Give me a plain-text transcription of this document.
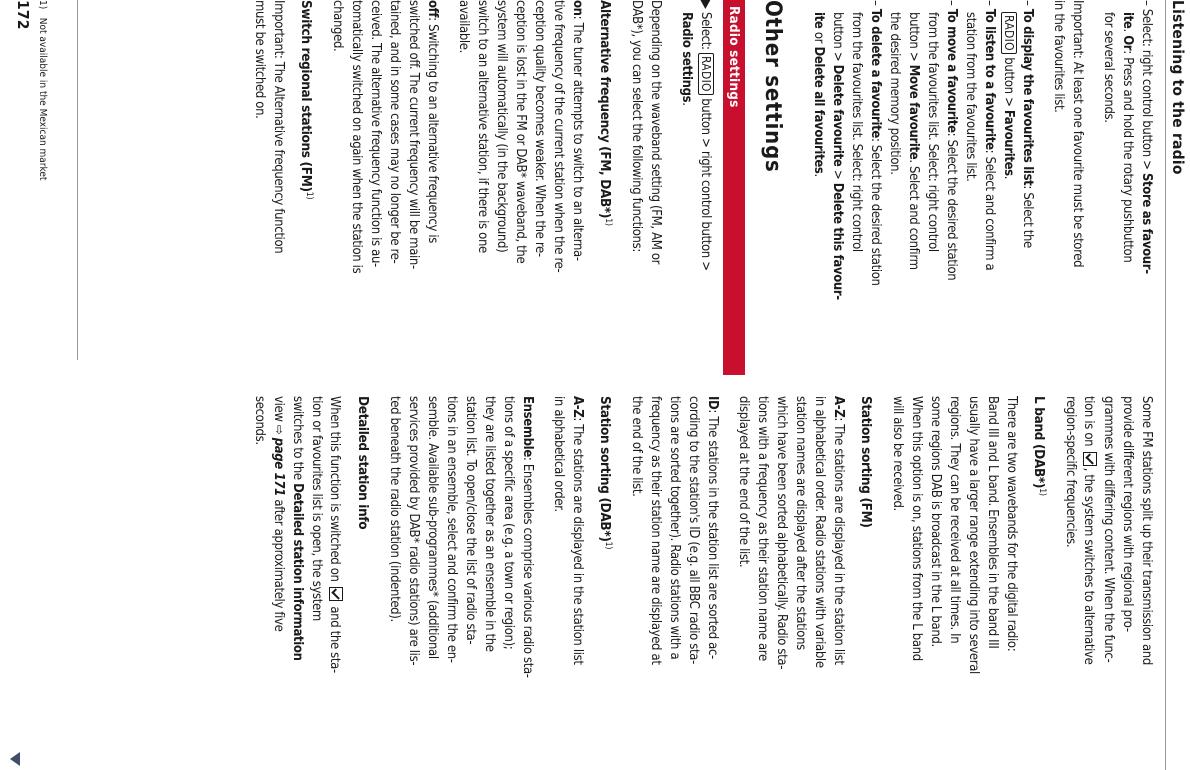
Listening to the radio
– Select: right control button > Store as favour-
ite. Or: Press and hold the rotary pushbutton
for several seconds.
Important: At least one favourite must be stored
in the favourites list.
– To display the favourites list: Select the
RADIO button > Favourites.
– To listen to a favourite: Select and confirm a
station from the favourites list.
– To move a favourite: Select the desired station
from the favourites list. Select: right control
button > Move favourite. Select and confirm
the desired memory position.
– To delete a favourite: Select the desired station
from the favourites list. Select: right control
button > Delete favourite > Delete this favour-
ite or Delete all favourites.
Other settings
Radio settings
▶ Select: RADIO button > right control button >
Radio settings.
Depending on the waveband setting (FM, AM or
DAB*), you can select the following functions:
Alternative frequency (FM, DAB*)$^{1)}$
on: The tuner attempts to switch to an alterna-
tive frequency of the current station when the re-
ception quality becomes weaker. When the re-
ception is lost in the FM or DAB* waveband, the
system will automatically (in the background)
switch to an alternative station, if there is one
available.
off: Switching to an alternative frequency is
switched off. The current frequency will be main-
tained, and in some cases may no longer be re-
ceived. The alternative frequency function is au-
tomatically switched on again when the station is
changed.
Switch regional stations (FM)$^{1)}$
Important: The Alternative frequency function
must be switched on.
Some FM stations split up their transmission and
provide different regions with regional pro-
grammes with differing content. When the func-
tion is on , the system switches to alternative
region-specific frequencies.
L band $(DAB*)^{1)}$
There are two wavebands for the digital radio:
Band III and L band. Ensembles in the band III
usually have a larger range extending into several
regions. They can be received at all times. In
some regions DAB is broadcast in the L band.
When this option is on, stations from the L band
will also be received.
Station sorting (FM)
A-Z: The stations are displayed in the station list
in alphabetical order. Radio stations with variable
station names are displayed after the stations
which have been sorted alphabetically. Radio sta-
tions with a frequency as their station name are
displayed at the end of the list.
ID: The stations in the station list are sorted ac-
cording to the station's ID (e.g. all BBC radio sta-
tions are sorted together). Radio stations with a
frequency as their station name are displayed at
the end of the list.
Station sorting $(DAB*)^{1)}$
A-Z: The stations are displayed in the station list
in alphabetical order.
Ensemble: Ensembles comprise various radio sta-
tions of a specific area (e.g. a town or region);
they are listed together as an ensemble in the
station list. To open/close the list of radio sta-
tions in an ensemble, select and confirm the en-
semble. Available sub-programmes* (additional
services provided by DAB* radio stations) are lis-
ted beneath the radio station (indented).
Detailed station info
When this function is switched on  and the sta-
tion or favourites list is open, the system
switches to the Detailed station information
view ⇨ page 171 after approximately five
seconds.
1)   Not available in the Mexican market
172
